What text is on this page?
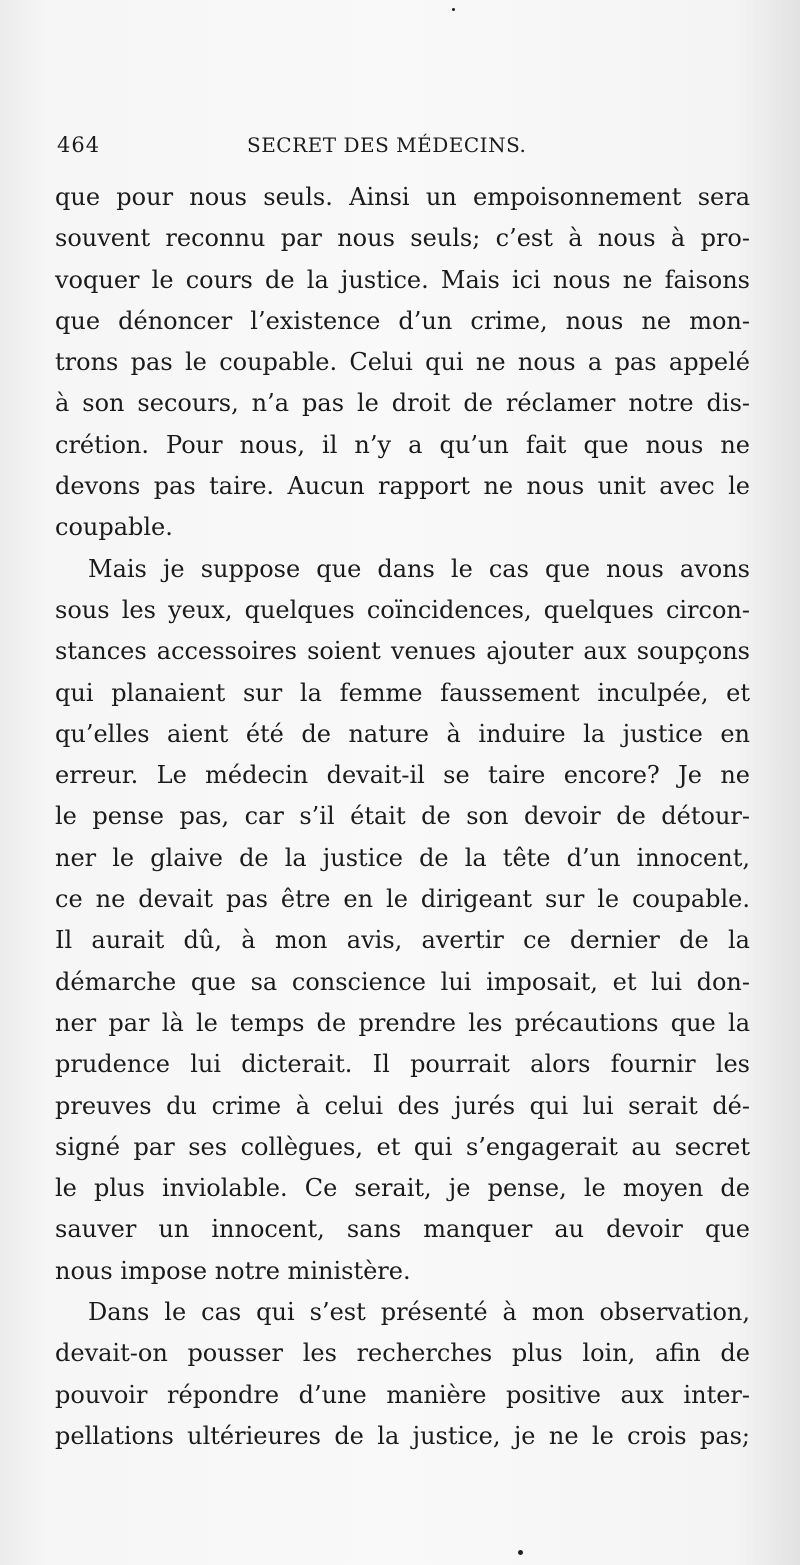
464	SECRET DES MÉDECINS.
que pour nous seuls. Ainsi un empoisonnement sera
souvent reconnu par nous seuls; c’est à nous à pro-
voquer le cours de la justice. Mais ici nous ne faisons
que dénoncer l’existence d’un crime, nous ne mon-
trons pas le coupable. Celui qui ne nous a pas appelé
à son secours, n’a pas le droit de réclamer notre dis-
crétion. Pour nous, il n’y a qu’un fait que nous ne
devons pas taire. Aucun rapport ne nous unit avec le
coupable.
Mais je suppose que dans le cas que nous avons
sous les yeux, quelques coïncidences, quelques circon-
stances accessoires soient venues ajouter aux soupçons
qui planaient sur la femme faussement inculpée, et
qu’elles aient été de nature à induire la justice en
erreur. Le médecin devait-il se taire encore? Je ne
le pense pas, car s’il était de son devoir de détour-
ner le glaive de la justice de la tête d’un innocent,
ce ne devait pas être en le dirigeant sur le coupable.
Il aurait dû, à mon avis, avertir ce dernier de la
démarche que sa conscience lui imposait, et lui don-
ner par là le temps de prendre les précautions que la
prudence lui dicterait. Il pourrait alors fournir les
preuves du crime à celui des jurés qui lui serait dé-
signé par ses collègues, et qui s’engagerait au secret
le plus inviolable. Ce serait, je pense, le moyen de
sauver un innocent, sans manquer au devoir que
nous impose notre ministère.
Dans le cas qui s’est présenté à mon observation,
devait-on pousser les recherches plus loin, afin de
pouvoir répondre d’une manière positive aux inter-
pellations ultérieures de la justice, je ne le crois pas;
